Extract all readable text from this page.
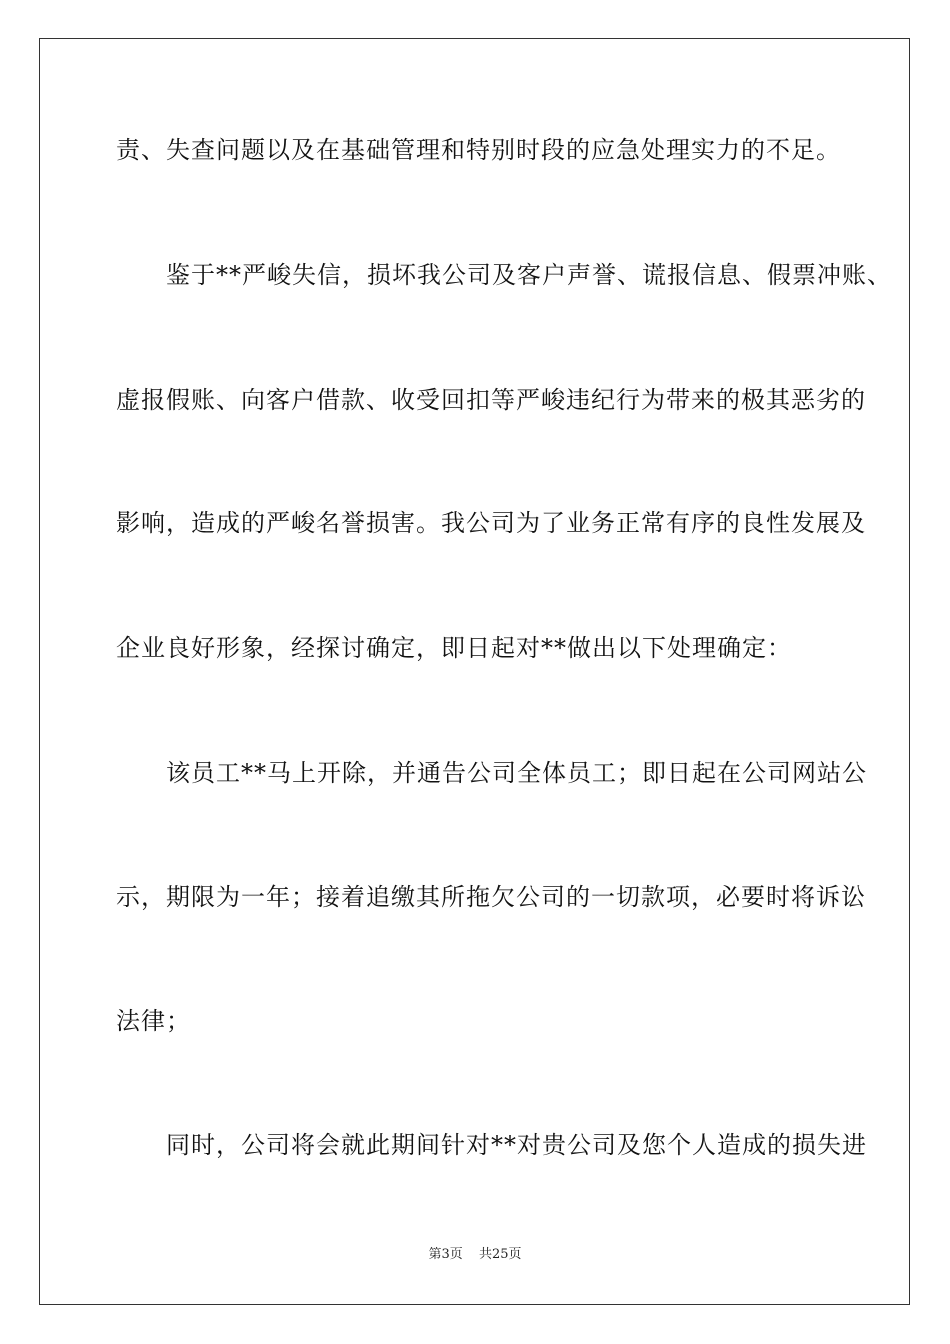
责、失查问题以及在基础管理和特别时段的应急处理实力的不足。
　　鉴于**严峻失信，损坏我公司及客户声誉、谎报信息、假票冲账、
虚报假账、向客户借款、收受回扣等严峻违纪行为带来的极其恶劣的
影响，造成的严峻名誉损害。我公司为了业务正常有序的良性发展及
企业良好形象，经探讨确定，即日起对**做出以下处理确定：
　　该员工**马上开除，并通告公司全体员工；即日起在公司网站公
示，期限为一年；接着追缴其所拖欠公司的一切款项，必要时将诉讼
法律；
　　同时，公司将会就此期间针对**对贵公司及您个人造成的损失进
第3页 共25页
